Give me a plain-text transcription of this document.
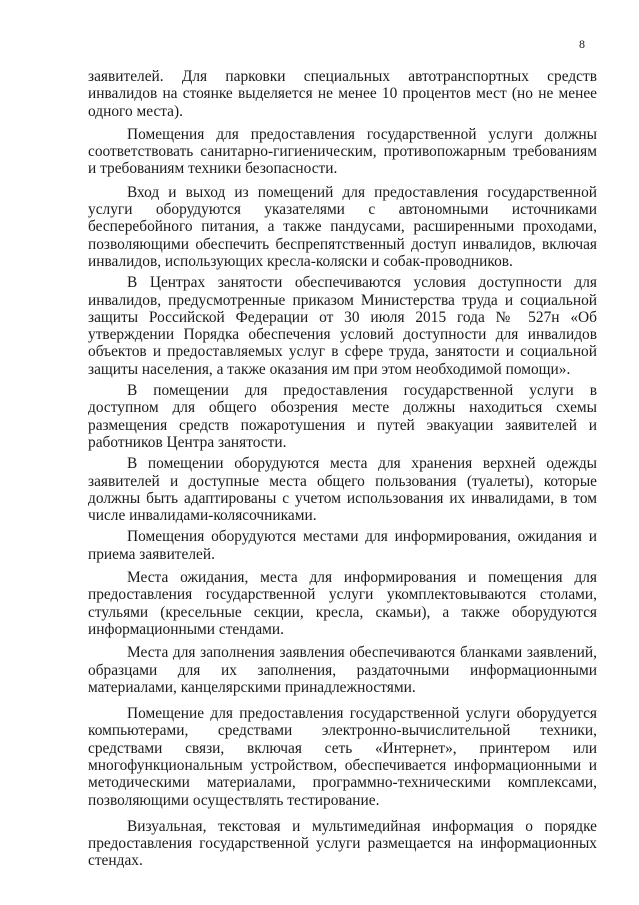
8

заявителей. Для парковки специальных автотранспортных средств инвалидов на стоянке выделяется не менее 10 процентов мест (но не менее одного места).

Помещения для предоставления государственной услуги должны соответствовать санитарно-гигиеническим, противопожарным требованиям и требованиям техники безопасности.

Вход и выход из помещений для предоставления государственной услуги оборудуются указателями с автономными источниками бесперебойного питания, а также пандусами, расширенными проходами, позволяющими обеспечить беспрепятственный доступ инвалидов, включая инвалидов, использующих кресла-коляски и собак-проводников.

В Центрах занятости обеспечиваются условия доступности для инвалидов, предусмотренные приказом Министерства труда и социальной защиты Российской Федерации от 30 июля 2015 года № 527н «Об утверждении Порядка обеспечения условий доступности для инвалидов объектов и предоставляемых услуг в сфере труда, занятости и социальной защиты населения, а также оказания им при этом необходимой помощи».

В помещении для предоставления государственной услуги в доступном для общего обозрения месте должны находиться схемы размещения средств пожаротушения и путей эвакуации заявителей и работников Центра занятости.

В помещении оборудуются места для хранения верхней одежды заявителей и доступные места общего пользования (туалеты), которые должны быть адаптированы с учетом использования их инвалидами, в том числе инвалидами-колясочниками.

Помещения оборудуются местами для информирования, ожидания и приема заявителей.

Места ожидания, места для информирования и помещения для предоставления государственной услуги укомплектовываются столами, стульями (кресельные секции, кресла, скамьи), а также оборудуются информационными стендами.

Места для заполнения заявления обеспечиваются бланками заявлений, образцами для их заполнения, раздаточными информационными материалами, канцелярскими принадлежностями.

Помещение для предоставления государственной услуги оборудуется компьютерами, средствами электронно-вычислительной техники, средствами связи, включая сеть «Интернет», принтером или многофункциональным устройством, обеспечивается информационными и методическими материалами, программно-техническими комплексами, позволяющими осуществлять тестирование.

Визуальная, текстовая и мультимедийная информация о порядке предоставления государственной услуги размещается на информационных стендах.
